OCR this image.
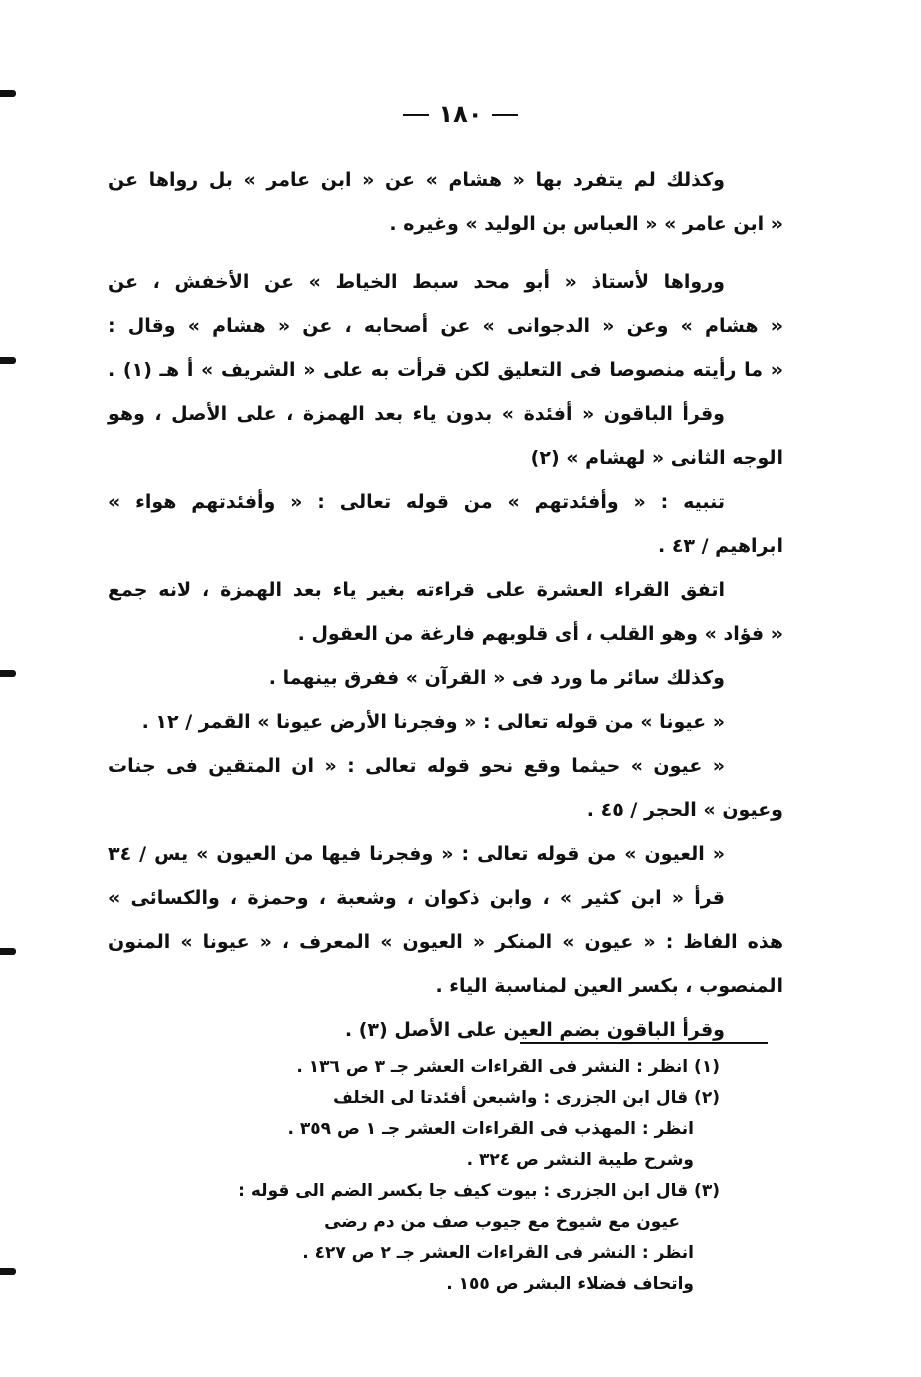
١٨٠
وكذلك لم يتفرد بها « هشام » عن « ابن عامر » بل رواها عن
« ابن عامر » « العباس بن الوليد » وغيره .
ورواها لأستاذ « أبو محد سبط الخياط » عن الأخفش ، عن
« هشام » وعن « الدجوانى » عن أصحابه ، عن « هشام » وقال :
« ما رأيته منصوصا فى التعليق لكن قرأت به على « الشريف » أ هـ (١) .
وقرأ الباقون « أفئدة » بدون ياء بعد الهمزة ، على الأصل ، وهو
الوجه الثانى « لهشام » (٢)
تنبيه : « وأفئدتهم » من قوله تعالى : « وأفئدتهم هواء »
ابراهيم / ٤٣ .
اتفق القراء العشرة على قراءته بغير ياء بعد الهمزة ، لانه جمع
« فؤاد » وهو القلب ، أى قلوبهم فارغة من العقول .
وكذلك سائر ما ورد فى « القرآن » ففرق بينهما .
« عيونا » من قوله تعالى : « وفجرنا الأرض عيونا » القمر / ١٢ .
« عيون » حيثما وقع نحو قوله تعالى : « ان المتقين فى جنات
وعيون » الحجر / ٤٥ .
« العيون » من قوله تعالى : « وفجرنا فيها من العيون » يس / ٣٤
قرأ « ابن كثير » ، وابن ذكوان ، وشعبة ، وحمزة ، والكسائى »
هذه الفاظ : « عيون » المنكر « العيون » المعرف ، « عيونا » المنون
المنصوب ، بكسر العين لمناسبة الياء .
وقرأ الباقون بضم العين على الأصل (٣) .
(١) انظر : النشر فى القراءات العشر جـ ٣ ص ١٣٦ .
(٢) قال ابن الجزرى : واشبعن أفئدتا لى الخلف
انظر : المهذب فى القراءات العشر جـ ١ ص ٣٥٩ .
وشرح طيبة النشر ص ٣٢٤ .
(٣) قال ابن الجزرى : بيوت كيف جا بكسر الضم الى قوله :
عيون مع شيوخ مع جيوب صف من دم رضى
انظر : النشر فى القراءات العشر جـ ٢ ص ٤٢٧ .
واتحاف فضلاء البشر ص ١٥٥ .
